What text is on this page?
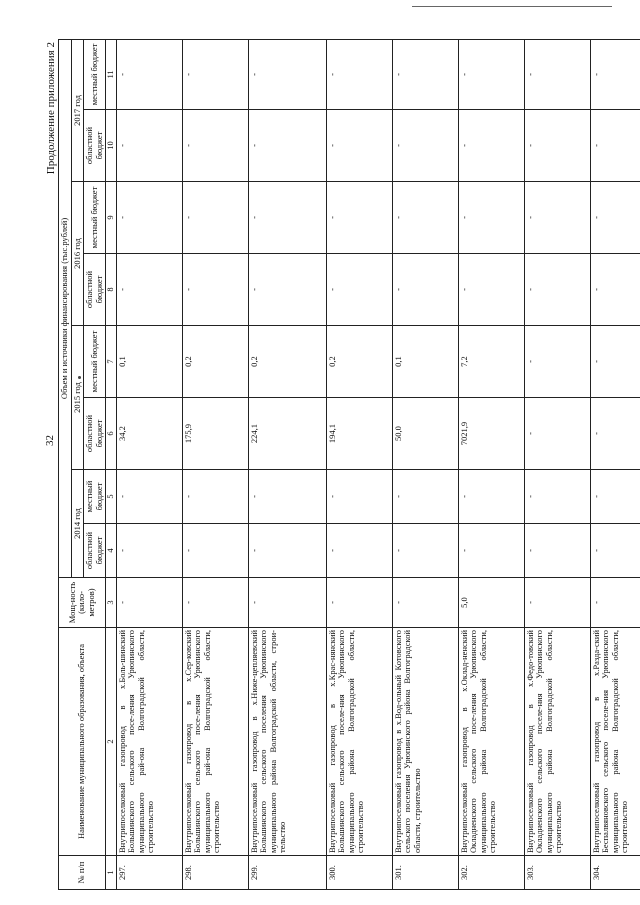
32
Продолжение приложения 2
№ п/п	Наименование муниципального образования, объекта	Мощ-ность (кило-метров)	Объем и источники финансирования (тыс.рублей)							
			2014 год		2015 год		2016 год		2017 год	
			областной бюджет	местный бюджет	областной бюджет	местный бюджет	областной бюджет	местный бюджет	областной бюджет	местный бюджет
1	2	3	4	5	6	7	8	9	10	11
297.	Внутрипоселковый газопровод в х.Боль-шинский Большинского сельского посе-ления Урюпинского муниципального рай-она Волгоградской области, строительство	-	-	-	34,2	0,1	-	-	-	-
298.	Внутрипоселковый газопровод в х.Сер-ковский Большинского сельского посе-ления Урюпинского муниципального рай-она Волгоградской области, строительство	-	-	-	175,9	0,2	-	-	-	-
299.	Внутрипоселковый газопровод в х.Ниже-цепляевский Большинского сельского поселения Урюпинского муниципального района Волгоградской области, строи-тельство	-	-	-	224,1	0,2	-	-	-	-
300.	Внутрипоселковый газопровод в х.Крас-нянский Большинского сельского поселе-ния Урюпинского муниципального района Волгоградской области, строительство	-	-	-	194,1	0,2	-	-	-	-
301.	Внутрипоселковый газопровод в х.Вод-ольный Котовского сельского поселения Урюпинского района Волгоградской области, строительство	-	-	-	50,0	0,1	-	-	-	-
302.	Внутрипоселковый газопровод в х.Оклад-ненский Окладненского сельского посе-ления Урюпинского муниципального района Волгоградской области, строительство	5,0	-	-	7021,9	7,2	-	-	-	-
303.	Внутрипоселковый газопровод в х.Федо-товский Окладненского сельского поселе-ния Урюпинского муниципального района Волгоградской области, строительство	-	-	-	-	-	-	-	-	-
304.	Внутрипоселковый газопровод в х.Разда-ский Беспалвяновского сельского поселе-ния Урюпинского муниципального района Волгоградской области, строительство	-	-	-	-	-	-	-	-	-
